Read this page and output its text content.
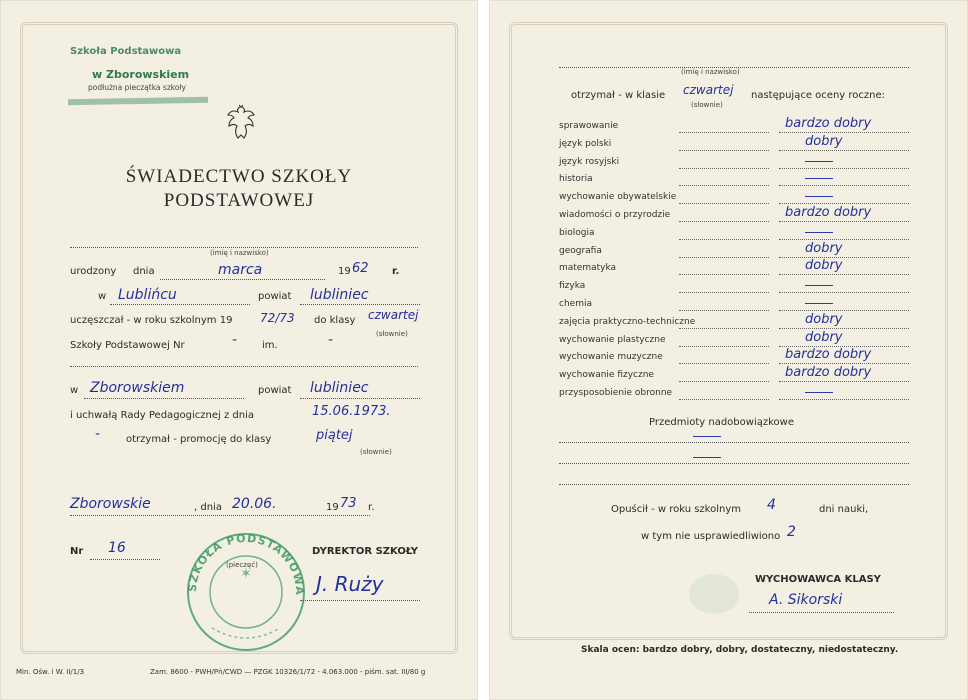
Szkoła Podstawowa
w Zborowskiem
podłużna pieczątka szkoły
ŚWIADECTWO SZKOŁY
PODSTAWOWEJ
(imię i nazwisko)
urodzony dnia	marca	19 62 r.
w Lublińcu	powiat lubliniec
uczęszczał - w roku szkolnym 19 72/73 do klasy czwartej
(słownie)
Szkoły Podstawowej Nr	- im.	-
w Zborowskiem	powiat lubliniec
i uchwałą Rady Pedagogicznej z dnia	15.06.1973.
-	otrzymał - promocję do klasy	piątej
(słownie)
Zborowskie	, dnia 20.06.	19 73 r.
Nr 16
SZKOŁA PODSTAWOWA
✶
(pieczęć)
DYREKTOR SZKOŁY
J. Ruży
Min. Ośw. i W. II/1/3	Zam. 8600 - PWH/Pń/CWD — PZGK 10326/1/72 - 4.063.000 - piśm. sat. III/80 g
(imię i nazwisko)
otrzymał - w klasie czwartej
(słownie)
następujące oceny roczne:
sprawowanie	bardzo dobry
język polski	dobry
język rosyjski
historia
wychowanie obywatelskie
wiadomości o przyrodzie	bardzo dobry
biologia
geografia	dobry
matematyka	dobry
fizyka
chemia
zajęcia praktyczno-techniczne	dobry
wychowanie plastyczne	dobry
wychowanie muzyczne	bardzo dobry
wychowanie fizyczne	bardzo dobry
przysposobienie obronne
Przedmioty nadobowiązkowe
Opuścił - w roku szkolnym 4	dni nauki,
w tym nie usprawiedliwiono 2
WYCHOWAWCA KLASY
A. Sikorski
Skala ocen: bardzo dobry, dobry, dostateczny, niedostateczny.
